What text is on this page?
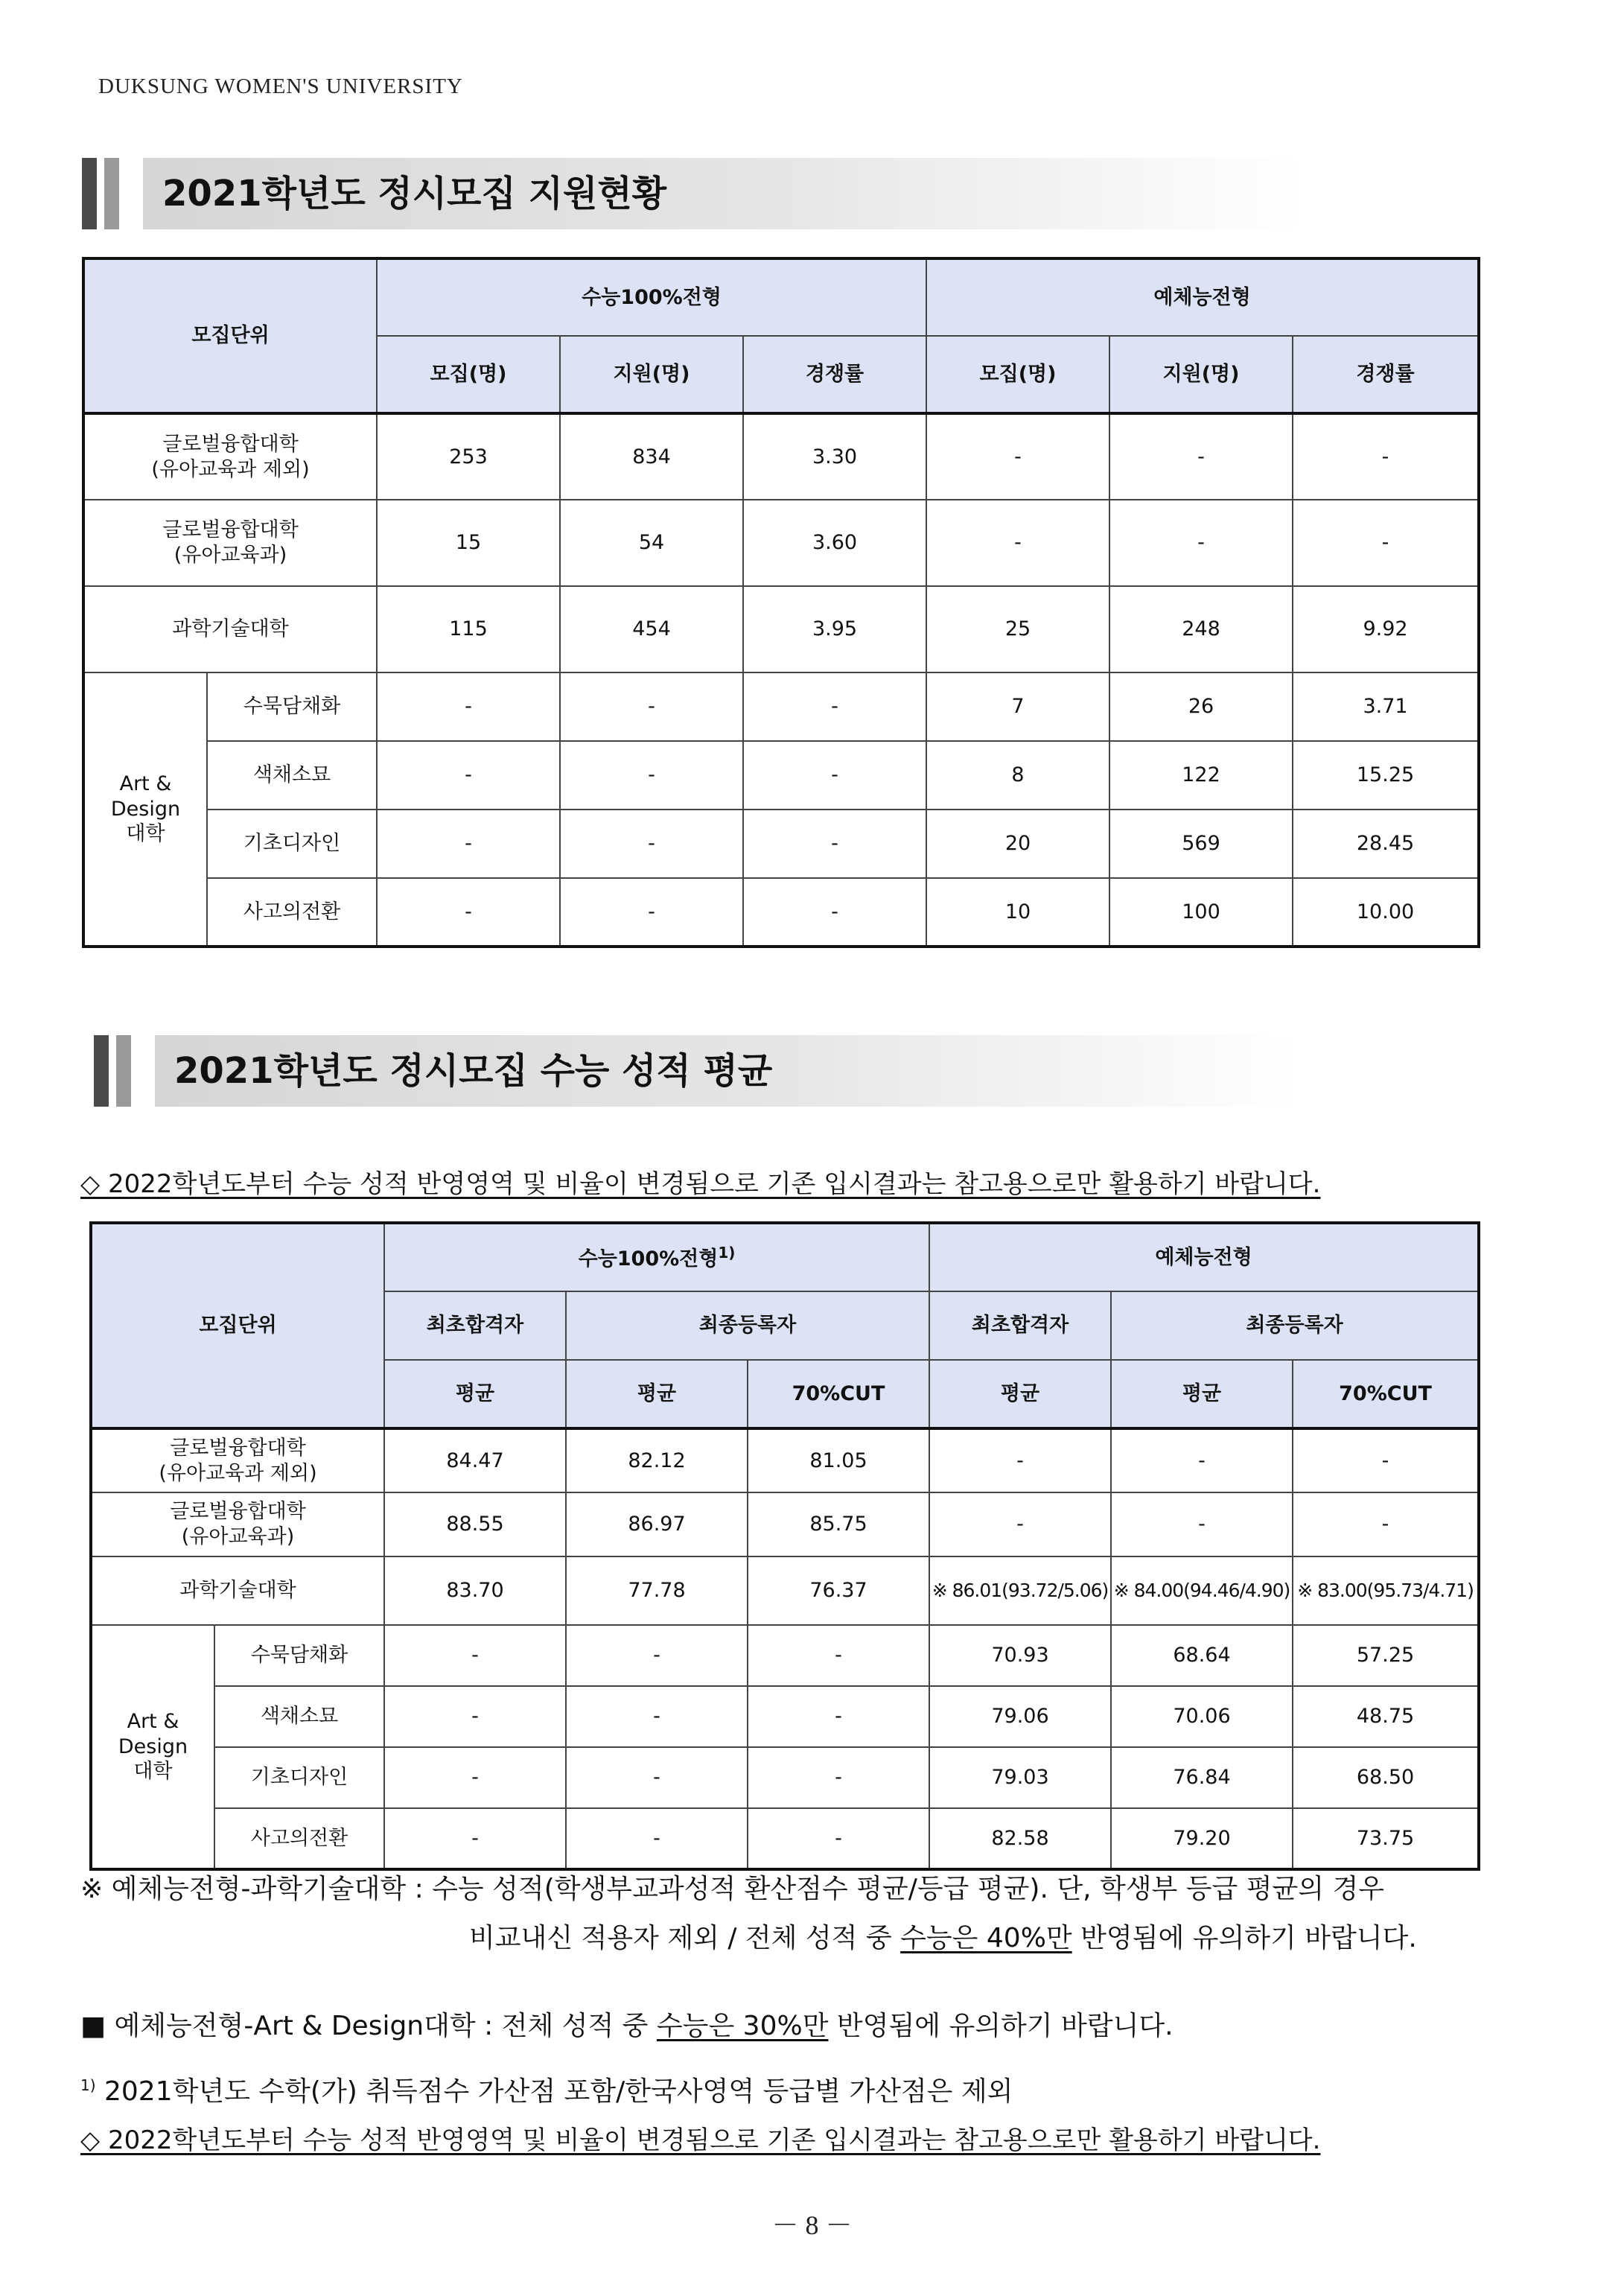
DUKSUNG WOMEN'S UNIVERSITY
2021학년도 정시모집 지원현황
모집단위		수능100%전형			예체능전형		
		모집(명)	지원(명)	경쟁률	모집(명)	지원(명)	경쟁률

글로벌융합대학
(유아교육과 제외)		253	834	3.30	-	-	-

글로벌융합대학
(유아교육과)		15	54	3.60	-	-	-
과학기술대학		115	454	3.95	25	248	9.92

Art &
Design
대학	수묵담채화	-	-	-	7	26	3.71
	색채소묘	-	-	-	8	122	15.25
	기초디자인	-	-	-	20	569	28.45
	사고의전환	-	-	-	10	100	10.00
2021학년도 정시모집 수능 성적 평균
◇ 2022학년도부터 수능 성적 반영영역 및 비율이 변경됨으로 기존 입시결과는 참고용으로만 활용하기 바랍니다.
모집단위		수능100%전형$^{1)}$			예체능전형		
		최초합격자	최종등록자		최초합격자	최종등록자	
		평균	평균	70%CUT	평균	평균	70%CUT

글로벌융합대학
(유아교육과 제외)		84.47	82.12	81.05	-	-	-

글로벌융합대학
(유아교육과)		88.55	86.97	85.75	-	-	-
과학기술대학		83.70	77.78	76.37	※ 86.01(93.72/5.06)	※ 84.00(94.46/4.90)	※ 83.00(95.73/4.71)

Art &
Design
대학	수묵담채화	-	-	-	70.93	68.64	57.25
	색채소묘	-	-	-	79.06	70.06	48.75
	기초디자인	-	-	-	79.03	76.84	68.50
	사고의전환	-	-	-	82.58	79.20	73.75
※ 예체능전형-과학기술대학 : 수능 성적(학생부교과성적 환산점수 평균/등급 평균). 단, 학생부 등급 평균의 경우
비교내신 적용자 제외 / 전체 성적 중 수능은 40%만 반영됨에 유의하기 바랍니다.
■ 예체능전형-Art & Design대학 : 전체 성적 중 수능은 30%만 반영됨에 유의하기 바랍니다.
$^{1)}$ 2021학년도 수학(가) 취득점수 가산점 포함/한국사영역 등급별 가산점은 제외
◇ 2022학년도부터 수능 성적 반영영역 및 비율이 변경됨으로 기존 입시결과는 참고용으로만 활용하기 바랍니다.
－ 8 －
